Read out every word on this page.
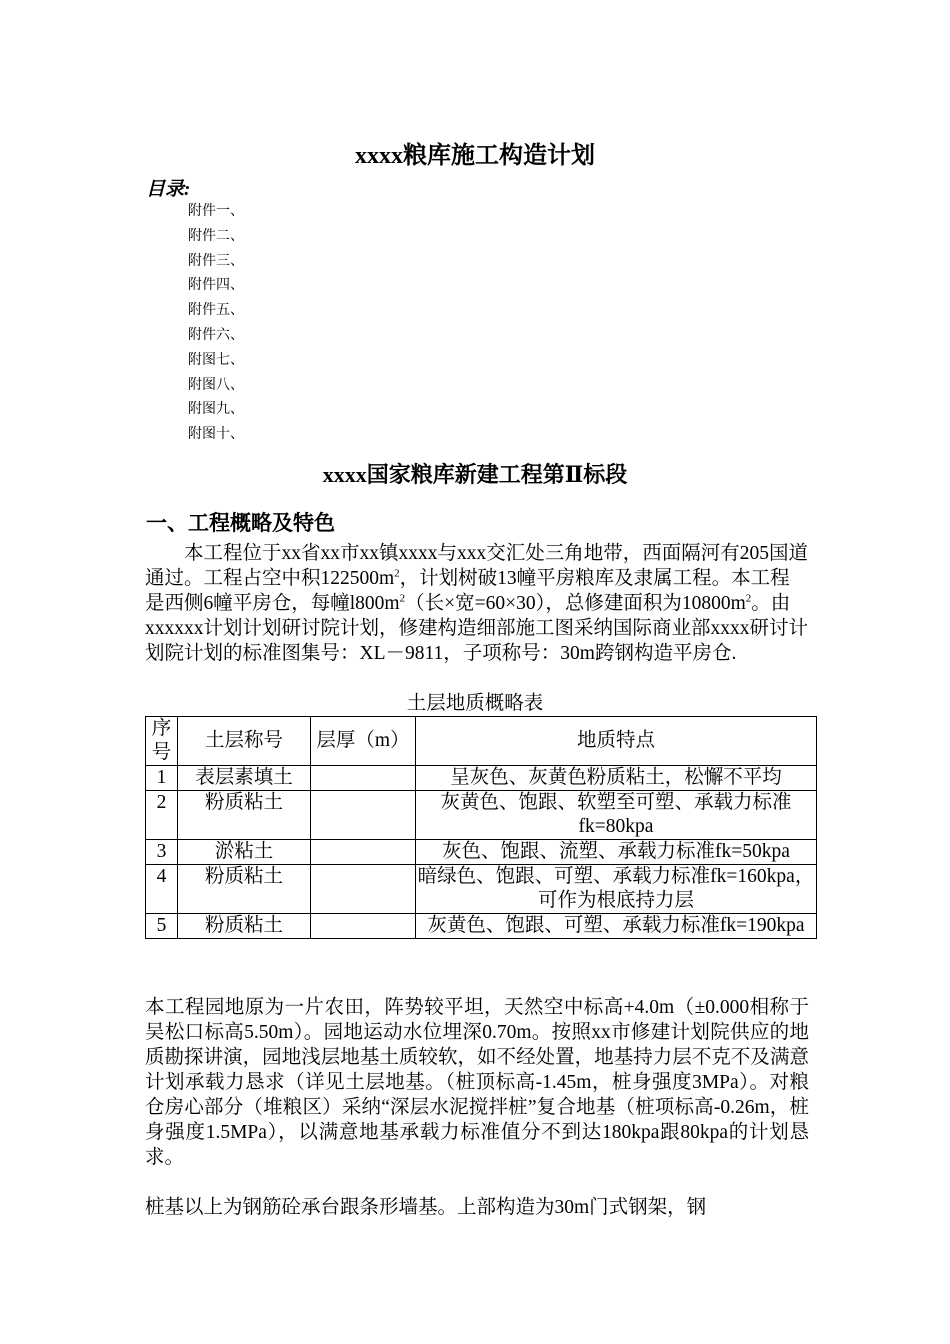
xxxx粮库施工构造计划
目录:
附件一、
附件二、
附件三、
附件四、
附件五、
附件六、
附图七、
附图八、
附图九、
附图十、
xxxx国家粮库新建工程第Ⅱ标段
一、工程概略及特色

本工程位于xx省xx市xx镇xxxx与xxx交汇处三角地带，西面隔河有205国道通过。工程占空中积$122500m^2$，计划树破13幢平房粮库及隶属工程。本工程是西侧6幢平房仓，每幢$l800m^2$（长×宽=60×30），总修建面积为$10800m^2$。由xxxxxx计划计划研讨院计划，修建构造细部施工图采纳国际商业部xxxx研讨计划院计划的标准图集号：XL－9811，子项称号：30m跨钢构造平房仓.

土层地质概略表
序号	土层称号	层厚（m）	地质特点
1	表层素填土		呈灰色、灰黄色粉质粘土，松懈不平均
2	粉质粘土		灰黄色、饱跟、软塑至可塑、承载力标准fk=80kpa
3	淤粘土		灰色、饱跟、流塑、承载力标准fk=50kpa
4	粉质粘土		暗绿色、饱跟、可塑、承载力标准fk=160kpa，可作为根底持力层
5	粉质粘土		灰黄色、饱跟、可塑、承载力标准fk=190kpa

本工程园地原为一片农田，阵势较平坦，天然空中标高+4.0m（±0.000相称于吴松口标高5.50m）。园地运动水位埋深0.70m。按照xx市修建计划院供应的地质勘探讲演，园地浅层地基土质较软，如不经处置，地基持力层不克不及满意计划承载力恳求（详见土层地基。（桩顶标高-1.45m，桩身强度3MPa）。对粮仓房心部分（堆粮区）采纳“深层水泥搅拌桩”复合地基（桩项标高-0.26m，桩身强度1.5MPa），以满意地基承载力标准值分不到达180kpa跟80kpa的计划恳求。

桩基以上为钢筋砼承台跟条形墙基。上部构造为30m门式钢架，钢
